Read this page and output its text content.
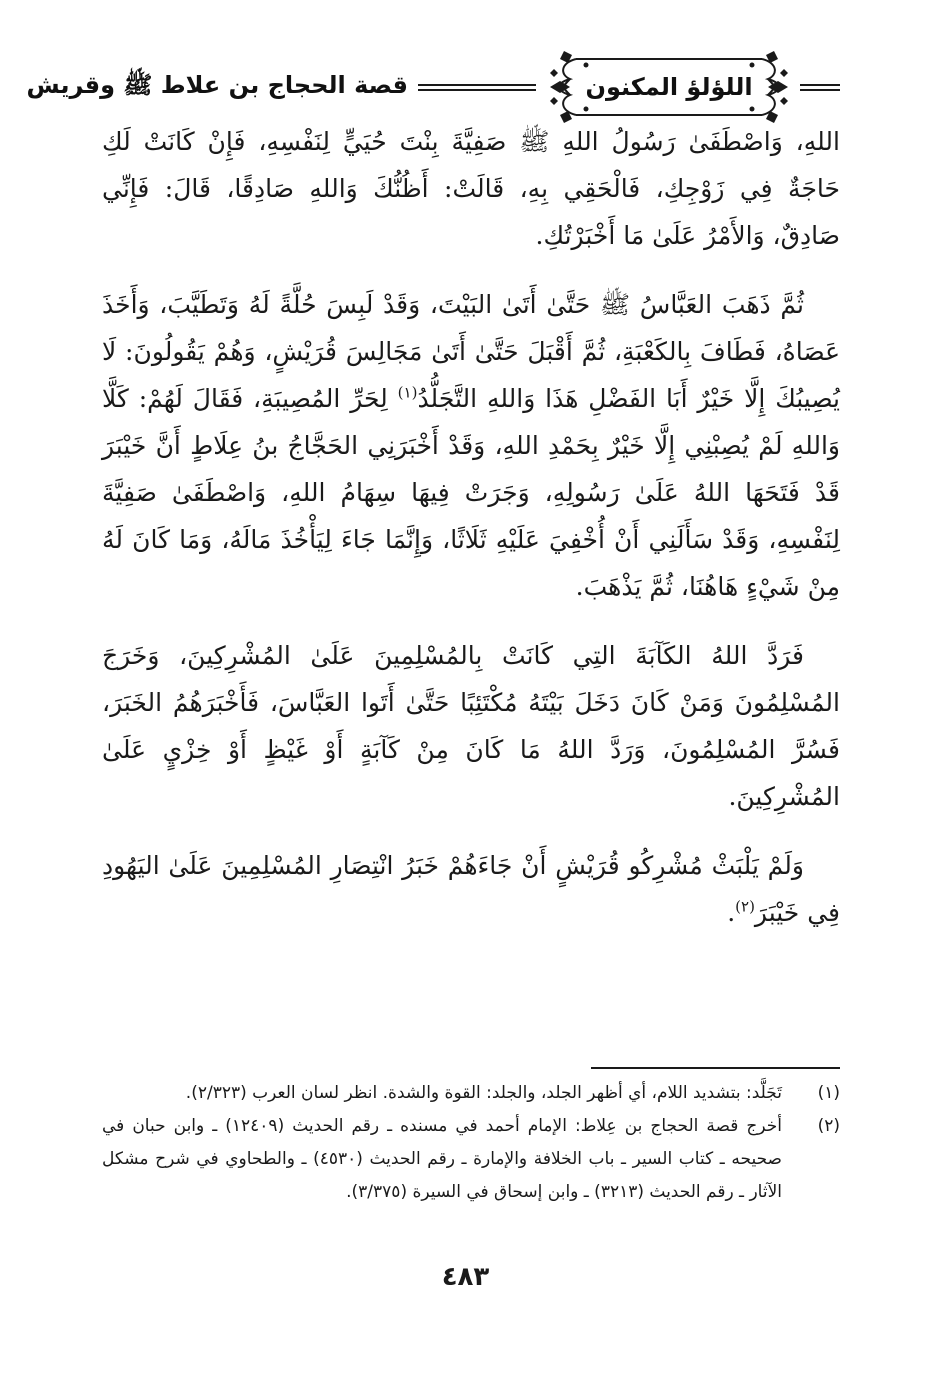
اللؤلؤ المكنون
قصة الحجاج بن علاط ﷺ وقريش

اللهِ، وَاصْطَفَىٰ رَسُولُ اللهِ ﷺ صَفِيَّةَ بِنْتَ حُيَيٍّ لِنَفْسِهِ، فَإِنْ كَانَتْ لَكِ حَاجَةٌ فِي زَوْجِكِ، فَالْحَقِي بِهِ، قَالَتْ: أَظُنُّكَ وَاللهِ صَادِقًا، قَالَ: فَإِنِّي صَادِقٌ، وَالأَمْرُ عَلَىٰ مَا أَخْبَرْتُكِ.

ثُمَّ ذَهَبَ العَبَّاسُ ﷺ حَتَّىٰ أَتَىٰ البَيْتَ، وَقَدْ لَبِسَ حُلَّةً لَهُ وَتَطَيَّبَ، وَأَخَذَ عَصَاهُ، فَطَافَ بِالكَعْبَةِ، ثُمَّ أَقْبَلَ حَتَّىٰ أَتَىٰ مَجَالِسَ قُرَيْشٍ، وَهُمْ يَقُولُونَ: لَا يُصِيبُكَ إِلَّا خَيْرٌ أَبَا الفَضْلِ هَذَا وَاللهِ التَّجَلُّدُ$^{(١)}$ لِحَرِّ المُصِيبَةِ، فَقَالَ لَهُمْ: كَلَّا وَاللهِ لَمْ يُصِبْنِي إِلَّا خَيْرٌ بِحَمْدِ اللهِ، وَقَدْ أَخْبَرَنِي الحَجَّاجُ بنُ عِلَاطٍ أَنَّ خَيْبَرَ قَدْ فَتَحَهَا اللهُ عَلَىٰ رَسُولِهِ، وَجَرَتْ فِيهَا سِهَامُ اللهِ، وَاصْطَفَىٰ صَفِيَّةَ لِنَفْسِهِ، وَقَدْ سَأَلَنِي أَنْ أُخْفِيَ عَلَيْهِ ثَلَاثًا، وَإِنَّمَا جَاءَ لِيَأْخُذَ مَالَهُ، وَمَا كَانَ لَهُ مِنْ شَيْءٍ هَاهُنَا، ثُمَّ يَذْهَبَ.

فَرَدَّ اللهُ الكَآبَةَ التِي كَانَتْ بِالمُسْلِمِينَ عَلَىٰ المُشْرِكِينَ، وَخَرَجَ المُسْلِمُونَ وَمَنْ كَانَ دَخَلَ بَيْتَهُ مُكْتَئِبًا حَتَّىٰ أَتَوا العَبَّاسَ، فَأَخْبَرَهُمُ الخَبَرَ، فَسُرَّ المُسْلِمُونَ، وَرَدَّ اللهُ مَا كَانَ مِنْ كَآبَةٍ أَوْ غَيْظٍ أَوْ خِزْيٍ عَلَىٰ المُشْرِكِينَ.

وَلَمْ يَلْبَثْ مُشْرِكُو قُرَيْشٍ أَنْ جَاءَهُمْ خَبَرُ انْتِصَارِ المُسْلِمِينَ عَلَىٰ اليَهُودِ فِي خَيْبَرَ$^{(٢)}$.

(١)
تَجَلَّد: بتشديد اللام، أي أظهر الجلد، والجلد: القوة والشدة. انظر لسان العرب (٢/٣٢٣).
(٢)
أخرج قصة الحجاج بن عِلاط: الإمام أحمد في مسنده ـ رقم الحديث (١٢٤٠٩) ـ وابن حبان في صحيحه ـ كتاب السير ـ باب الخلافة والإمارة ـ رقم الحديث (٤٥٣٠) ـ والطحاوي في شرح مشكل الآثار ـ رقم الحديث (٣٢١٣) ـ وابن إسحاق في السيرة (٣/٣٧٥).
٤٨٣
